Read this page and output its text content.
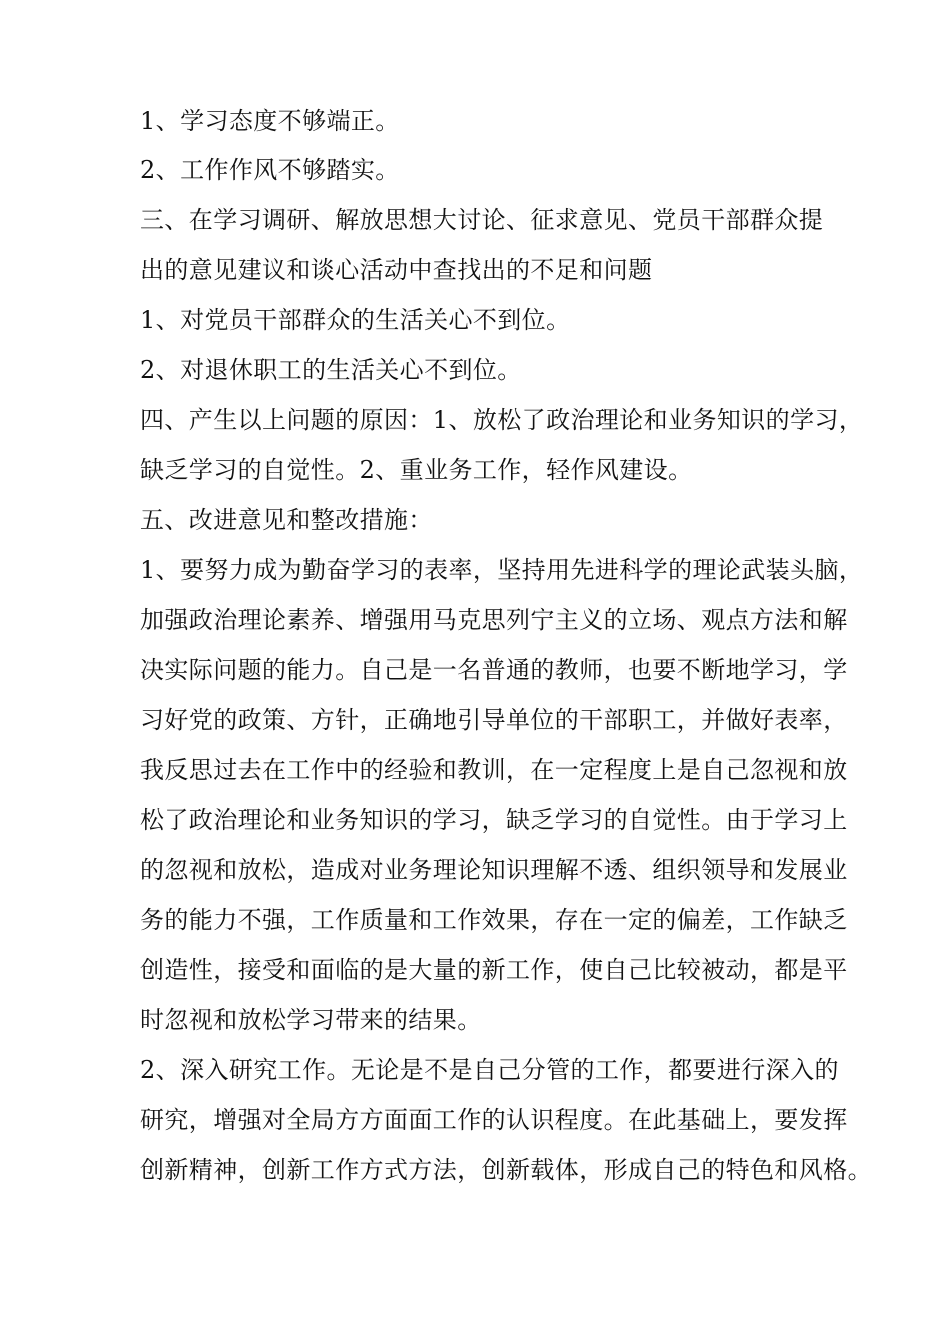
1、学习态度不够端正。
2、工作作风不够踏实。
三、在学习调研、解放思想大讨论、征求意见、党员干部群众提
出的意见建议和谈心活动中查找出的不足和问题
1、对党员干部群众的生活关心不到位。
2、对退休职工的生活关心不到位。
四、产生以上问题的原因：1、放松了政治理论和业务知识的学习，
缺乏学习的自觉性。2、重业务工作，轻作风建设。
五、改进意见和整改措施：
1、要努力成为勤奋学习的表率，坚持用先进科学的理论武装头脑，
加强政治理论素养、增强用马克思列宁主义的立场、观点方法和解
决实际问题的能力。自己是一名普通的教师，也要不断地学习，学
习好党的政策、方针，正确地引导单位的干部职工，并做好表率，
我反思过去在工作中的经验和教训，在一定程度上是自己忽视和放
松了政治理论和业务知识的学习，缺乏学习的自觉性。由于学习上
的忽视和放松，造成对业务理论知识理解不透、组织领导和发展业
务的能力不强，工作质量和工作效果，存在一定的偏差，工作缺乏
创造性，接受和面临的是大量的新工作，使自己比较被动，都是平
时忽视和放松学习带来的结果。
2、深入研究工作。无论是不是自己分管的工作，都要进行深入的
研究，增强对全局方方面面工作的认识程度。在此基础上，要发挥
创新精神，创新工作方式方法，创新载体，形成自己的特色和风格。
